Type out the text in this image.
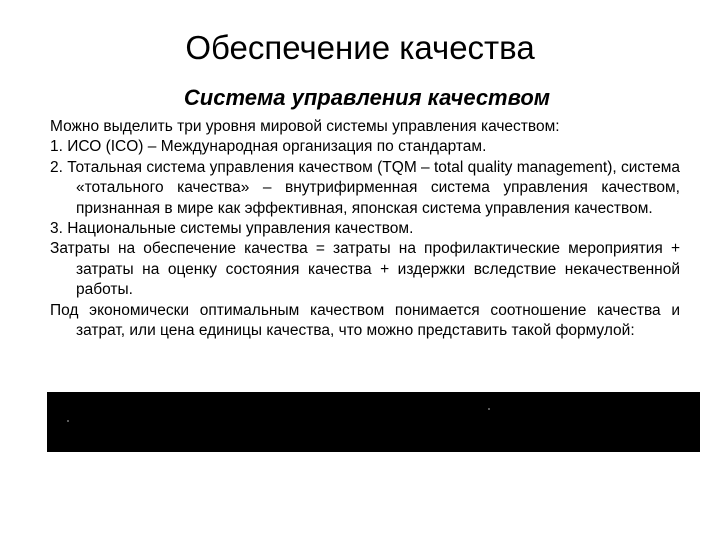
Обеспечение качества
Система управления качеством

Можно выделить три уровня мировой системы управления качеством:

1. ИСО (ICO) – Международная организация по стандартам.

2. Тотальная система управления качеством (TQM – total quality management), система «тотального качества» – внутрифирменная система управления качеством, признанная в мире как эффективная, японская система управления качеством.

3. Национальные системы управления качеством.

Затраты на обеспечение качества = затраты на профилактические мероприятия + затраты на оценку состояния качества + издержки вследствие некачественной работы.

Под экономически оптимальным качеством понимается соотношение качества и затрат, или цена единицы качества, что можно представить такой формулой:
